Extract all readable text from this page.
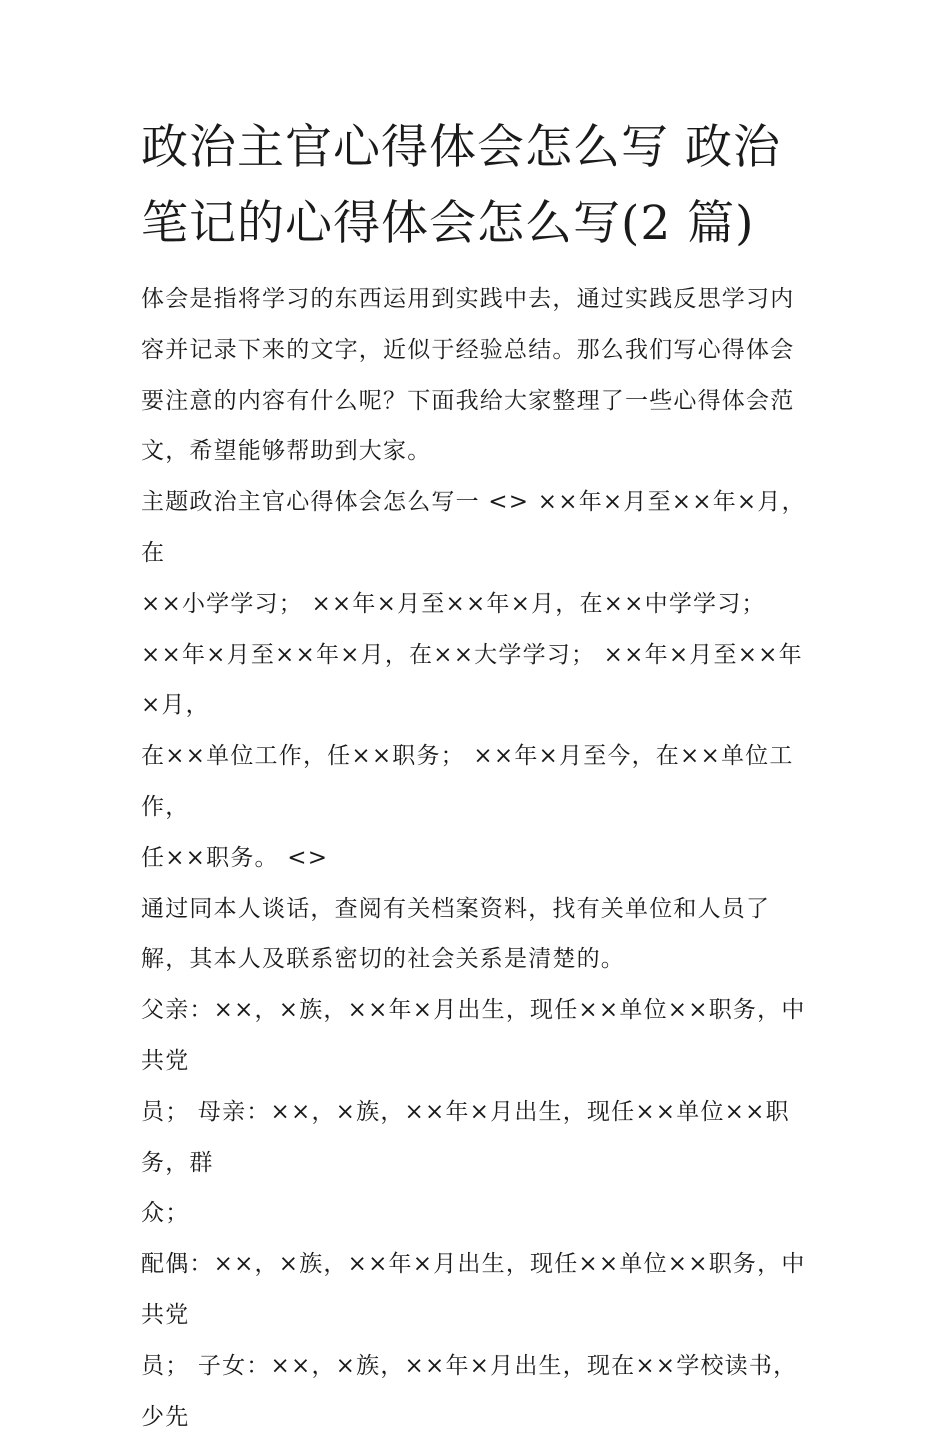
政治主官心得体会怎么写 政治
笔记的心得体会怎么写(2 篇)
体会是指将学习的东西运用到实践中去，通过实践反思学习内
容并记录下来的文字，近似于经验总结。那么我们写心得体会
要注意的内容有什么呢？下面我给大家整理了一些心得体会范
文，希望能够帮助到大家。
主题政治主官心得体会怎么写一 <> ××年×月至××年×月，在
××小学学习； ××年×月至××年×月，在××中学学习；
××年×月至××年×月，在××大学学习； ××年×月至××年×月，
在××单位工作，任××职务； ××年×月至今，在××单位工作，
任××职务。 <>
通过同本人谈话，查阅有关档案资料，找有关单位和人员了
解，其本人及联系密切的社会关系是清楚的。
父亲：××，×族，××年×月出生，现任××单位××职务，中共党
员； 母亲：××，×族，××年×月出生，现任××单位××职务，群
众；
配偶：××，×族，××年×月出生，现任××单位××职务，中共党
员； 子女：××，×族，××年×月出生，现在××学校读书，少先
